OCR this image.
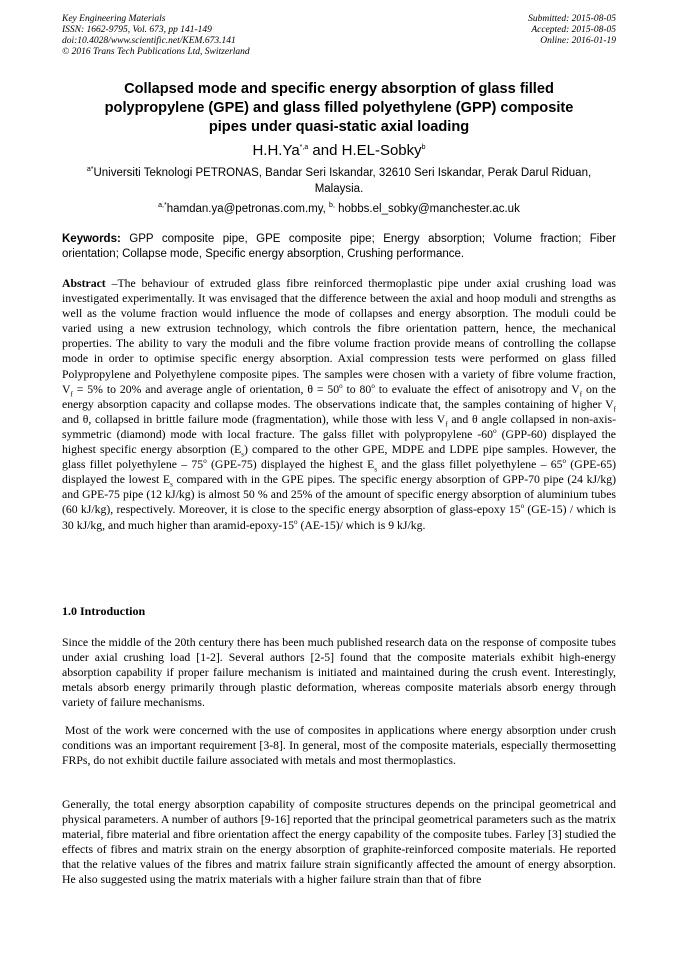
Key Engineering Materials
ISSN: 1662-9795, Vol. 673, pp 141-149
doi:10.4028/www.scientific.net/KEM.673.141
© 2016 Trans Tech Publications Ltd, Switzerland
Submitted: 2015-08-05
Accepted: 2015-08-05
Online: 2016-01-19
Collapsed mode and specific energy absorption of glass filled
polypropylene (GPE) and glass filled polyethylene (GPP) composite
pipes under quasi-static axial loading
$H.H.Ya^{*,a}$ and H.EL-Sobky$^b$
$^{a*}$Universiti Teknologi PETRONAS, Bandar Seri Iskandar, 32610 Seri Iskandar, Perak Darul Riduan, Malaysia.
$^{a,*}$hamdan.ya@petronas.com.my, $^{b,}$ hobbs.el_sobky@manchester.ac.uk
Keywords: GPP composite pipe, GPE composite pipe; Energy absorption; Volume fraction; Fiber orientation; Collapse mode, Specific energy absorption, Crushing performance.
Abstract –The behaviour of extruded glass fibre reinforced thermoplastic pipe under axial crushing load was investigated experimentally. It was envisaged that the difference between the axial and hoop moduli and strengths as well as the volume fraction would influence the mode of collapses and energy absorption. The moduli could be varied using a new extrusion technology, which controls the fibre orientation pattern, hence, the mechanical properties. The ability to vary the moduli and the fibre volume fraction provide means of controlling the collapse mode in order to optimise specific energy absorption. Axial compression tests were performed on glass filled Polypropylene and Polyethylene composite pipes. The samples were chosen with a variety of fibre volume fraction, $V_f = 5\%$ to 20% and average angle of orientation, $\theta = 50^o$ to 80$^o$ to evaluate the effect of anisotropy and $V_f$ on the energy absorption capacity and collapse modes. The observations indicate that, the samples containing of higher $V_f$ and θ, collapsed in brittle failure mode (fragmentation), while those with less $V_f$ and θ angle collapsed in non-axis-symmetric (diamond) mode with local fracture. The galss fillet with polypropylene -60$^o$ (GPP-60) displayed the highest specific energy absorption $(E_s)$ compared to the other GPE, MDPE and LDPE pipe samples. However, the glass fillet polyethylene – 75$^o$ (GPE-75) displayed the highest $E_s$ and the glass fillet polyethylene – 65$^o$ (GPE-65) displayed the lowest $E_s$ compared with in the GPE pipes. The specific energy absorption of GPP-70 pipe (24 kJ/kg) and GPE-75 pipe (12 kJ/kg) is almost 50 % and 25% of the amount of specific energy absorption of aluminium tubes (60 kJ/kg), respectively. Moreover, it is close to the specific energy absorption of glass-epoxy 15$^o$ (GE-15) / which is 30 kJ/kg, and much higher than aramid-epoxy-15$^o$ (AE-15)/ which is 9 kJ/kg.
1.0 Introduction
Since the middle of the 20th century there has been much published research data on the response of composite tubes under axial crushing load [1-2]. Several authors [2-5] found that the composite materials exhibit high-energy absorption capability if proper failure mechanism is initiated and maintained during the crush event. Interestingly, metals absorb energy primarily through plastic deformation, whereas composite materials absorb energy through variety of failure mechanisms.
Most of the work were concerned with the use of composites in applications where energy absorption under crush conditions was an important requirement [3-8]. In general, most of the composite materials, especially thermosetting FRPs, do not exhibit ductile failure associated with metals and most thermoplastics.
Generally, the total energy absorption capability of composite structures depends on the principal geometrical and physical parameters. A number of authors [9-16] reported that the principal geometrical parameters such as the matrix material, fibre material and fibre orientation affect the energy capability of the composite tubes. Farley [3] studied the effects of fibres and matrix strain on the energy absorption of graphite-reinforced composite materials. He reported that the relative values of the fibres and matrix failure strain significantly affected the amount of energy absorption. He also suggested using the matrix materials with a higher failure strain than that of fibre
